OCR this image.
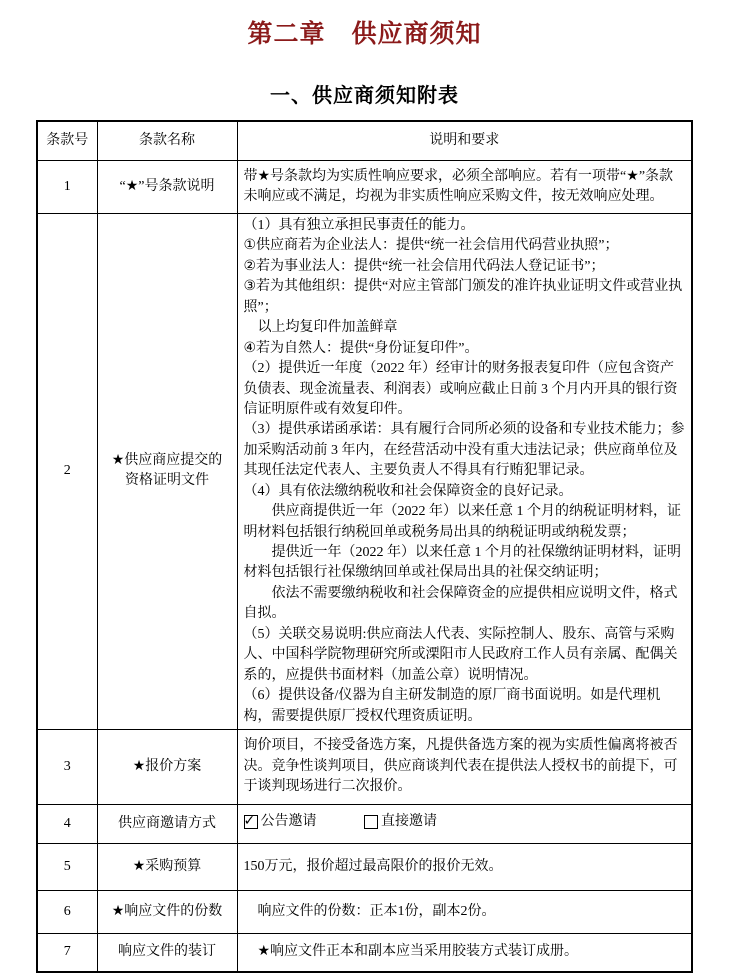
第二章　供应商须知
一、供应商须知附表
条款号	条款名称	说明和要求
1	“★”号条款说明	带★号条款均为实质性响应要求，必须全部响应。若有一项带“★”条款未响应或不满足，均视为非实质性响应采购文件，按无效响应处理。

2	★供应商应提交的资格证明文件	

（1）具有独立承担民事责任的能力。

①供应商若为企业法人：提供“统一社会信用代码营业执照”；

②若为事业法人：提供“统一社会信用代码法人登记证书”；

③若为其他组织：提供“对应主管部门颁发的准许执业证明文件或营业执照”；

以上均复印件加盖鲜章

④若为自然人：提供“身份证复印件”。

（2）提供近一年度（2022 年）经审计的财务报表复印件（应包含资产负债表、现金流量表、利润表）或响应截止日前 3 个月内开具的银行资信证明原件或有效复印件。

（3）提供承诺函承诺：具有履行合同所必须的设备和专业技术能力；参加采购活动前 3 年内，在经营活动中没有重大违法记录；供应商单位及其现任法定代表人、主要负责人不得具有行贿犯罪记录。

（4）具有依法缴纳税收和社会保障资金的良好记录。

供应商提供近一年（2022 年）以来任意 1 个月的纳税证明材料，证明材料包括银行纳税回单或税务局出具的纳税证明或纳税发票；

提供近一年（2022 年）以来任意 1 个月的社保缴纳证明材料，证明材料包括银行社保缴纳回单或社保局出具的社保交纳证明；

依法不需要缴纳税收和社会保障资金的应提供相应说明文件，格式自拟。

（5）关联交易说明:供应商法人代表、实际控制人、股东、高管与采购人、中国科学院物理研究所或溧阳市人民政府工作人员有亲属、配偶关系的，应提供书面材料（加盖公章）说明情况。

（6）提供设备/仪器为自主研发制造的原厂商书面说明。如是代理机构，需要提供原厂授权代理资质证明。

3	★报价方案	询价项目，不接受备选方案，凡提供备选方案的视为实质性偏离将被否决。竞争性谈判项目，供应商谈判代表在提供法人授权书的前提下，可于谈判现场进行二次报价。

4	供应商邀请方式	
✓公告邀请
直接邀请

5	★采购预算	150万元，报价超过最高限价的报价无效。

6	★响应文件的份数	响应文件的份数：正本1份，副本2份。

7	响应文件的装订	★响应文件正本和副本应当采用胶装方式装订成册。
